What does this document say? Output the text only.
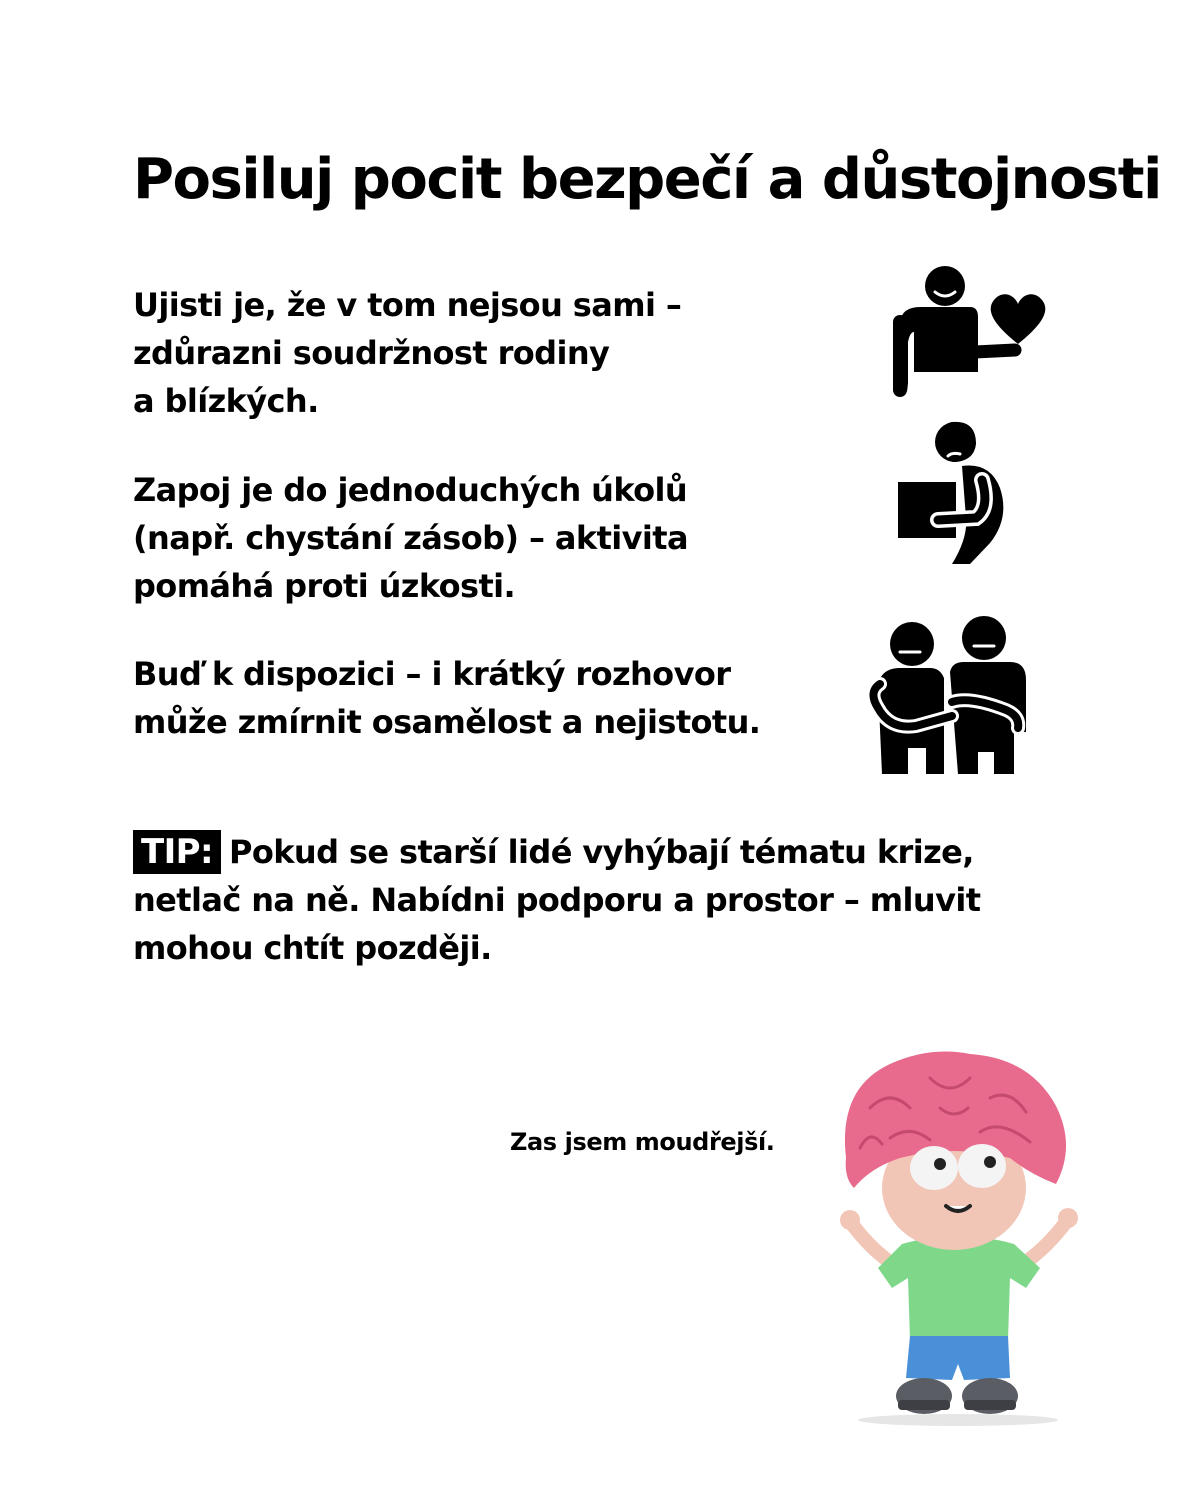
Posiluj pocit bezpečí a důstojnosti

Ujisti je, že v tom nejsou sami –
zdůrazni soudržnost rodiny
a blízkých.

Zapoj je do jednoduchých úkolů
(např. chystání zásob) – aktivita
pomáhá proti úzkosti.

Buď k dispozici – i krátký rozhovor
může zmírnit osamělost a nejistotu.

TIP: Pokud se starší lidé vyhýbají tématu krize,
netlač na ně. Nabídni podporu a prostor – mluvit
mohou chtít později.

Zas jsem moudřejší.
